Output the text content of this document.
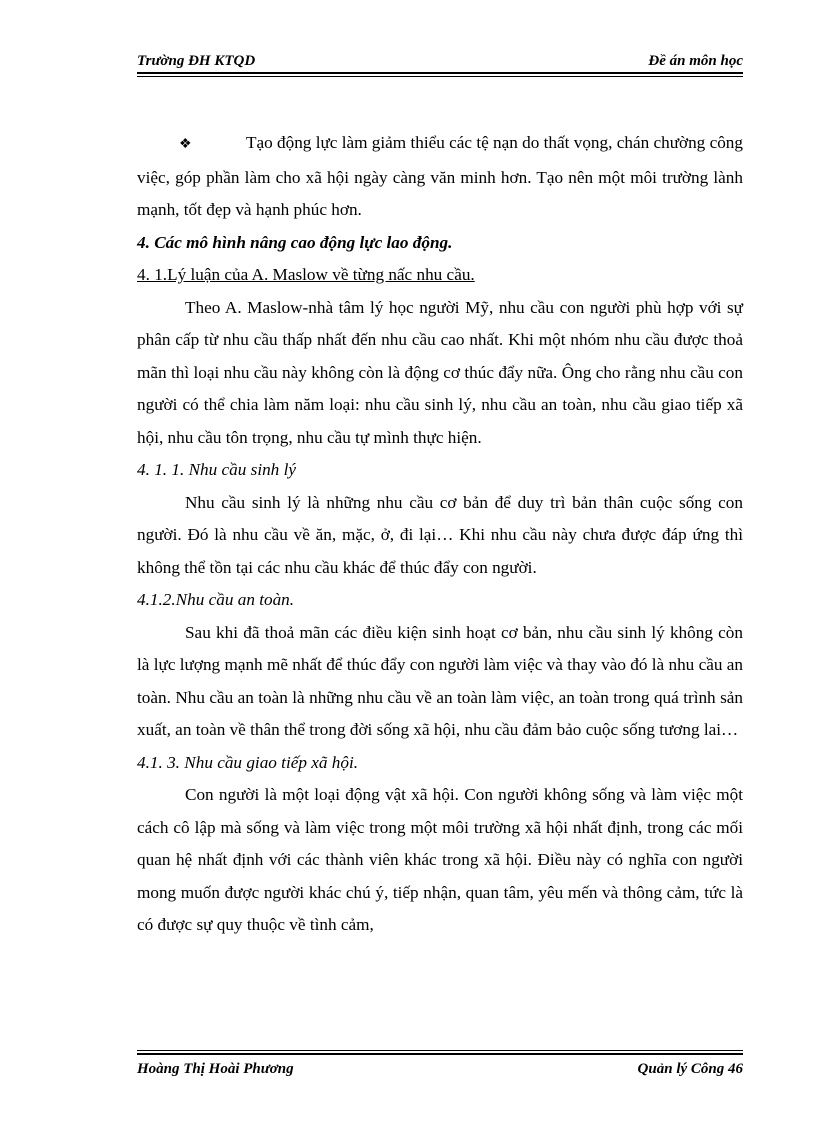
Trường ĐH KTQD	Đề án môn học

❖	Tạo động lực làm giảm thiểu các tệ nạn do thất vọng, chán chường công việc, góp phần làm cho xã hội ngày càng văn minh hơn. Tạo nên một môi trường lành mạnh, tốt đẹp và hạnh phúc hơn.

4. Các mô hình nâng cao động lực lao động.

4. 1.Lý luận của A. Maslow về từng nấc nhu cầu.

Theo A. Maslow-nhà tâm lý học người Mỹ, nhu cầu con người phù hợp với sự phân cấp từ nhu cầu thấp nhất đến nhu cầu cao nhất. Khi một nhóm nhu cầu được thoả mãn thì loại nhu cầu này không còn là động cơ thúc đẩy nữa. Ông cho rằng nhu cầu con người có thể chia làm năm loại: nhu cầu sinh lý, nhu cầu an toàn, nhu cầu giao tiếp xã hội, nhu cầu tôn trọng, nhu cầu tự mình thực hiện.

4. 1. 1. Nhu cầu sinh lý

Nhu cầu sinh lý là những nhu cầu cơ bản để duy trì bản thân cuộc sống con người. Đó là nhu cầu về ăn, mặc, ở, đi lại… Khi nhu cầu này chưa được đáp ứng thì không thể tồn tại các nhu cầu khác để thúc đẩy con người.

4.1.2.Nhu cầu an toàn.

Sau khi đã thoả mãn các điều kiện sinh hoạt cơ bản, nhu cầu sinh lý không còn là lực lượng mạnh mẽ nhất để thúc đẩy con người làm việc và thay vào đó là nhu cầu an toàn. Nhu cầu an toàn là những nhu cầu về an toàn làm việc, an toàn trong quá trình sản xuất, an toàn về thân thể trong đời sống xã hội, nhu cầu đảm bảo cuộc sống tương lai…

4.1. 3. Nhu cầu giao tiếp xã hội.

Con người là một loại động vật xã hội. Con người không sống và làm việc một cách cô lập mà sống và làm việc trong một môi trường xã hội nhất định, trong các mối quan hệ nhất định với các thành viên khác trong xã hội. Điều này có nghĩa con người mong muốn được người khác chú ý, tiếp nhận, quan tâm, yêu mến và thông cảm, tức là có được sự quy thuộc về tình cảm,

Hoàng Thị Hoài Phương	Quản lý Công 46
